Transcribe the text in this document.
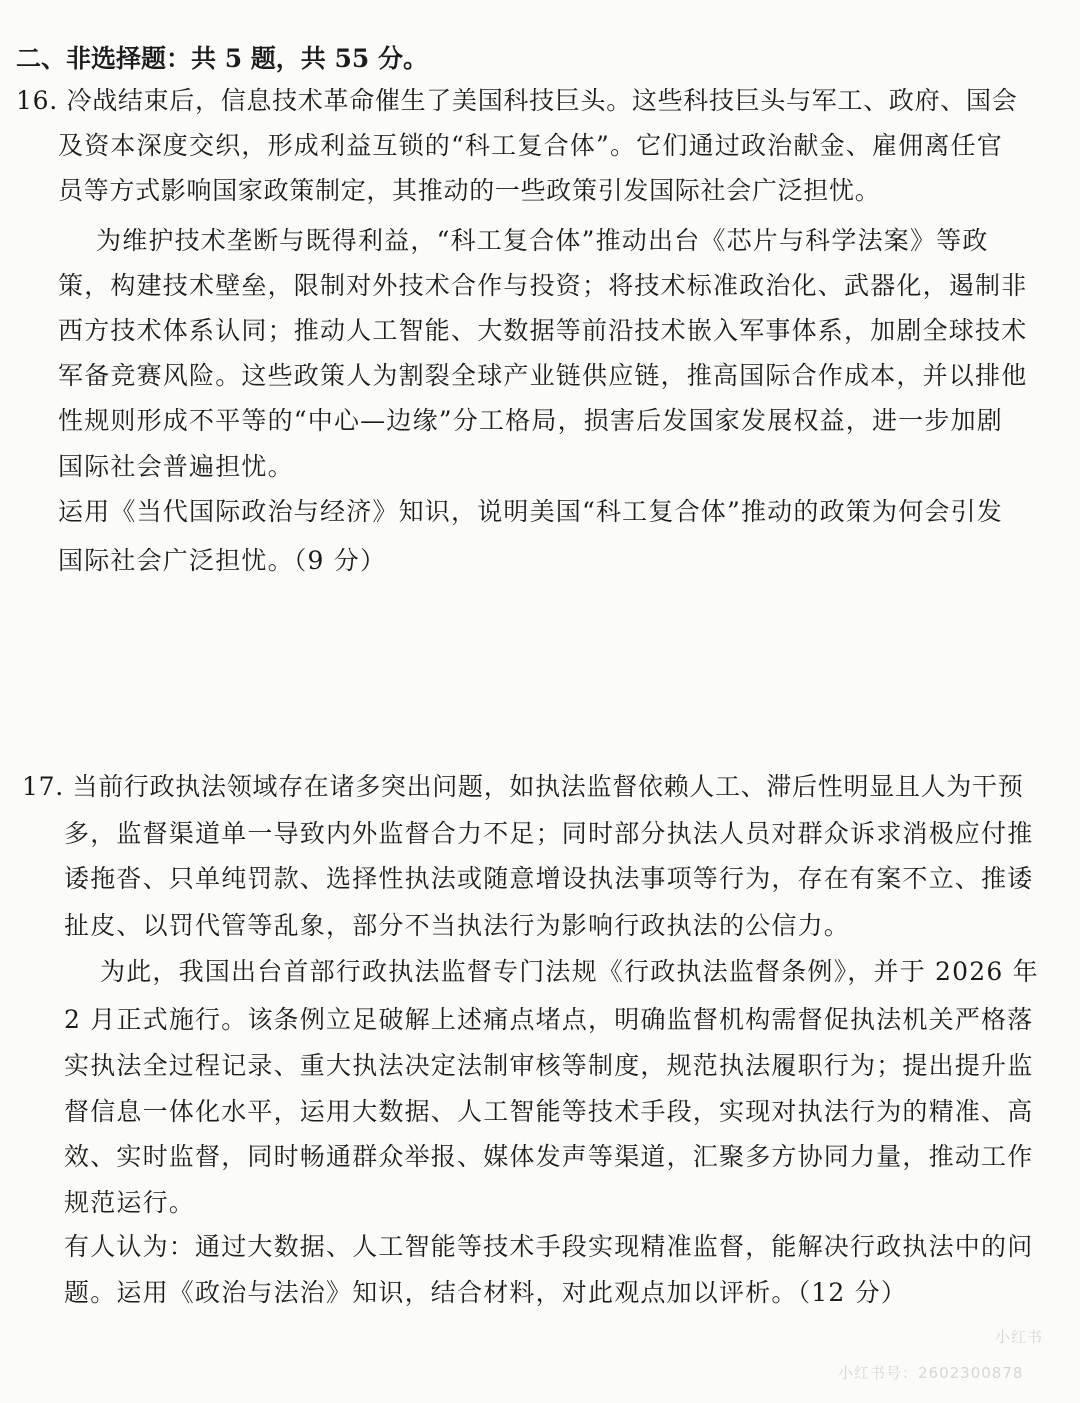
二、非选择题：共 5 题，共 55 分。
16. 冷战结束后，信息技术革命催生了美国科技巨头。这些科技巨头与军工、政府、国会
及资本深度交织，形成利益互锁的“科工复合体”。它们通过政治献金、雇佣离任官
员等方式影响国家政策制定，其推动的一些政策引发国际社会广泛担忧。
为维护技术垄断与既得利益，“科工复合体”推动出台《芯片与科学法案》等政
策，构建技术壁垒，限制对外技术合作与投资；将技术标准政治化、武器化，遏制非
西方技术体系认同；推动人工智能、大数据等前沿技术嵌入军事体系，加剧全球技术
军备竞赛风险。这些政策人为割裂全球产业链供应链，推高国际合作成本，并以排他
性规则形成不平等的“中心—边缘”分工格局，损害后发国家发展权益，进一步加剧
国际社会普遍担忧。
运用《当代国际政治与经济》知识，说明美国“科工复合体”推动的政策为何会引发
国际社会广泛担忧。（9 分）
17. 当前行政执法领域存在诸多突出问题，如执法监督依赖人工、滞后性明显且人为干预
多，监督渠道单一导致内外监督合力不足；同时部分执法人员对群众诉求消极应付推
诿拖沓、只单纯罚款、选择性执法或随意增设执法事项等行为，存在有案不立、推诿
扯皮、以罚代管等乱象，部分不当执法行为影响行政执法的公信力。
为此，我国出台首部行政执法监督专门法规《行政执法监督条例》，并于 2026 年
2 月正式施行。该条例立足破解上述痛点堵点，明确监督机构需督促执法机关严格落
实执法全过程记录、重大执法决定法制审核等制度，规范执法履职行为；提出提升监
督信息一体化水平，运用大数据、人工智能等技术手段，实现对执法行为的精准、高
效、实时监督，同时畅通群众举报、媒体发声等渠道，汇聚多方协同力量，推动工作
规范运行。
有人认为：通过大数据、人工智能等技术手段实现精准监督，能解决行政执法中的问
题。运用《政治与法治》知识，结合材料，对此观点加以评析。（12 分）
小红书
小红书号：2602300878
